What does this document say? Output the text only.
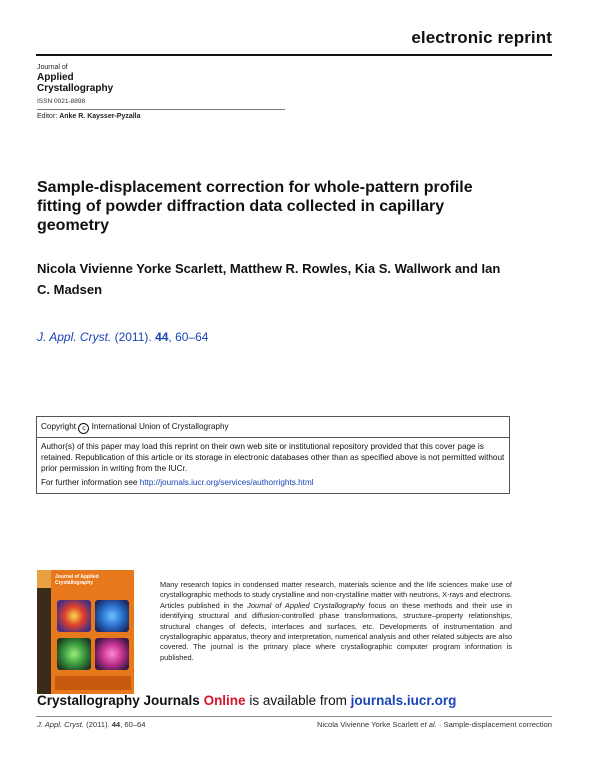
electronic reprint
Journal of
Applied
Crystallography
ISSN 0021-8898
Editor: Anke R. Kaysser-Pyzalla
Sample-displacement correction for whole-pattern profile fitting of powder diffraction data collected in capillary geometry
Nicola Vivienne Yorke Scarlett, Matthew R. Rowles, Kia S. Wallwork and Ian C. Madsen
J. Appl. Cryst. (2011). 44, 60–64
Copyright c International Union of Crystallography

Author(s) of this paper may load this reprint on their own web site or institutional repository provided that this cover page is retained. Republication of this article or its storage in electronic databases other than as specified above is not permitted without prior permission in writing from the IUCr.

For further information see http://journals.iucr.org/services/authorrights.html

Journal of Applied Crystallography	Many research topics in condensed matter research, materials science and the life sciences make use of crystallographic methods to study crystalline and non-crystalline matter with neutrons, X-rays and electrons. Articles published in the Journal of Applied Crystallography focus on these methods and their use in identifying structural and diffusion-controlled phase transformations, structure–property relationships, structural changes of defects, interfaces and surfaces, etc. Developments of instrumentation and crystallographic apparatus, theory and interpretation, numerical analysis and other related subjects are also covered. The journal is the primary place where crystallographic computer program information is published.
Crystallography Journals Online is available from journals.iucr.org
J. Appl. Cryst. (2011). 44, 60–64	Nicola Vivienne Yorke Scarlett et al. · Sample-displacement correction
